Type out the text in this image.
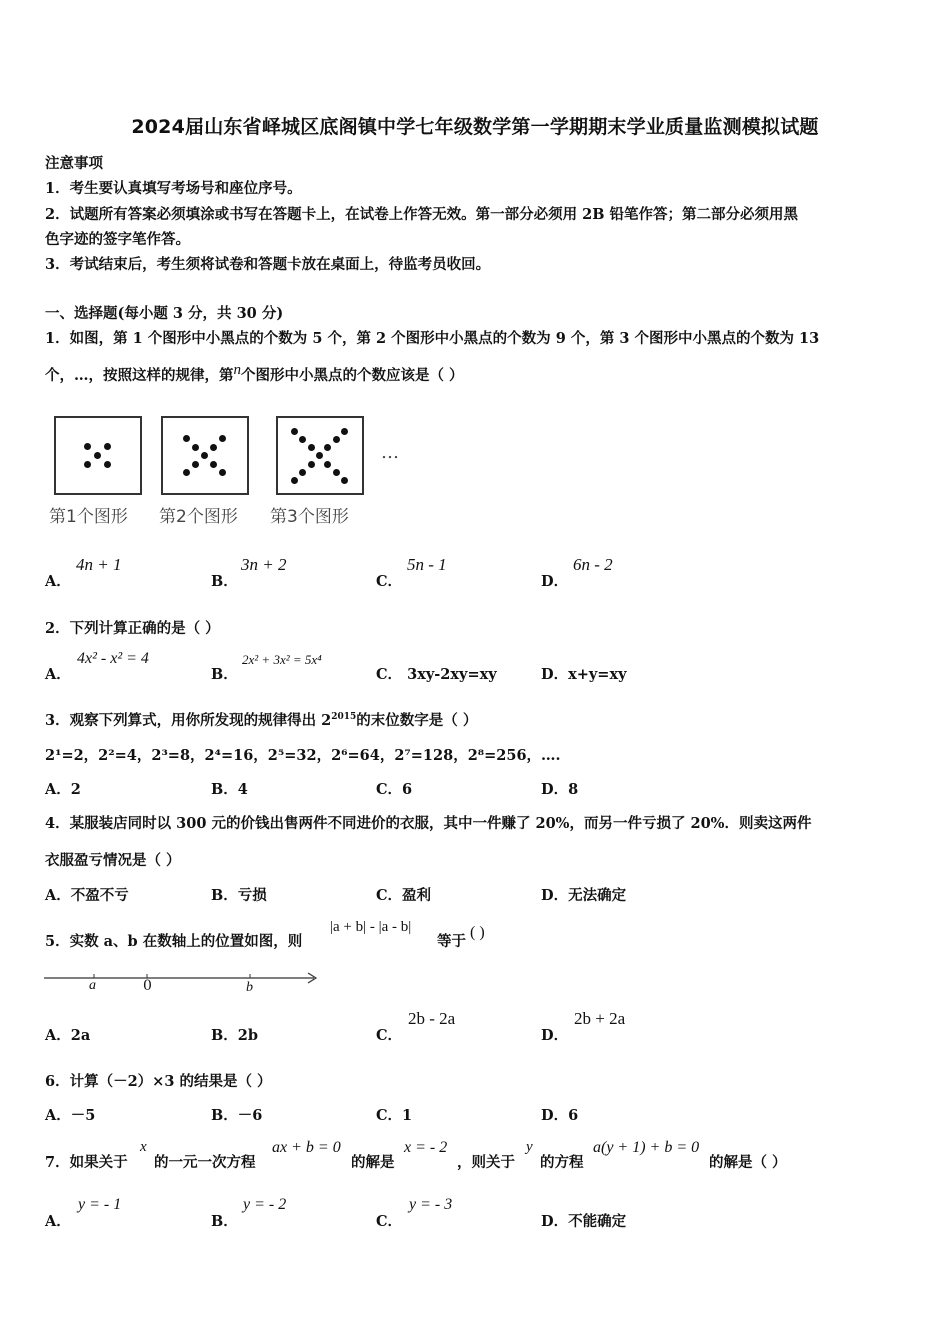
2024届山东省峄城区底阁镇中学七年级数学第一学期期末学业质量监测模拟试题
注意事项
1．考生要认真填写考场号和座位序号。
2．试题所有答案必须填涂或书写在答题卡上，在试卷上作答无效。第一部分必须用 2B 铅笔作答；第二部分必须用黑
色字迹的签字笔作答。
3．考试结束后，考生须将试卷和答题卡放在桌面上，待监考员收回。
一、选择题(每小题 3 分，共 30 分)
1．如图，第 1 个图形中小黑点的个数为 5 个，第 2 个图形中小黑点的个数为 9 个，第 3 个图形中小黑点的个数为 13
个，…，按照这样的规律，第n个图形中小黑点的个数应该是（ ）
…
第1个图形 第2个图形 第3个图形
A．
4n + 1
B．
3n + 2
C．
5n - 1
D．
6n - 2
2．下列计算正确的是（ ）
A．
4x² - x² = 4
B．
2x² + 3x² = 5x⁴
C． 3xy-2xy=xy	D．x+y=xy
3．观察下列算式，用你所发现的规律得出 $2^{2015}$的末位数字是（ ）
2¹=2，2²=4，2³=8，2⁴=16，2⁵=32，2⁶=64，2⁷=128，2⁸=256，….
A．2	B．4	C．6	D．8
4．某服装店同时以 300 元的价钱出售两件不同进价的衣服，其中一件赚了 20%，而另一件亏损了 20%．则卖这两件
衣服盈亏情况是（ ）
A．不盈不亏	B．亏损	C．盈利	D．无法确定
5．实数 a、b 在数轴上的位置如图，则
|a + b| - |a - b|
等于
( )
a	0	b
A．2a	B．2b	C．
2b - 2a
D．
2b + 2a
6．计算（－2）×3 的结果是（ ）
A．－5	B．－6	C．1	D．6
7．如果关于
x
的一元一次方程
ax + b = 0
的解是
x = - 2
，则关于
y
的方程
a(y + 1) + b = 0
的解是（ ）
A．
y = - 1
B．
y = - 2
C．
y = - 3
D．不能确定
